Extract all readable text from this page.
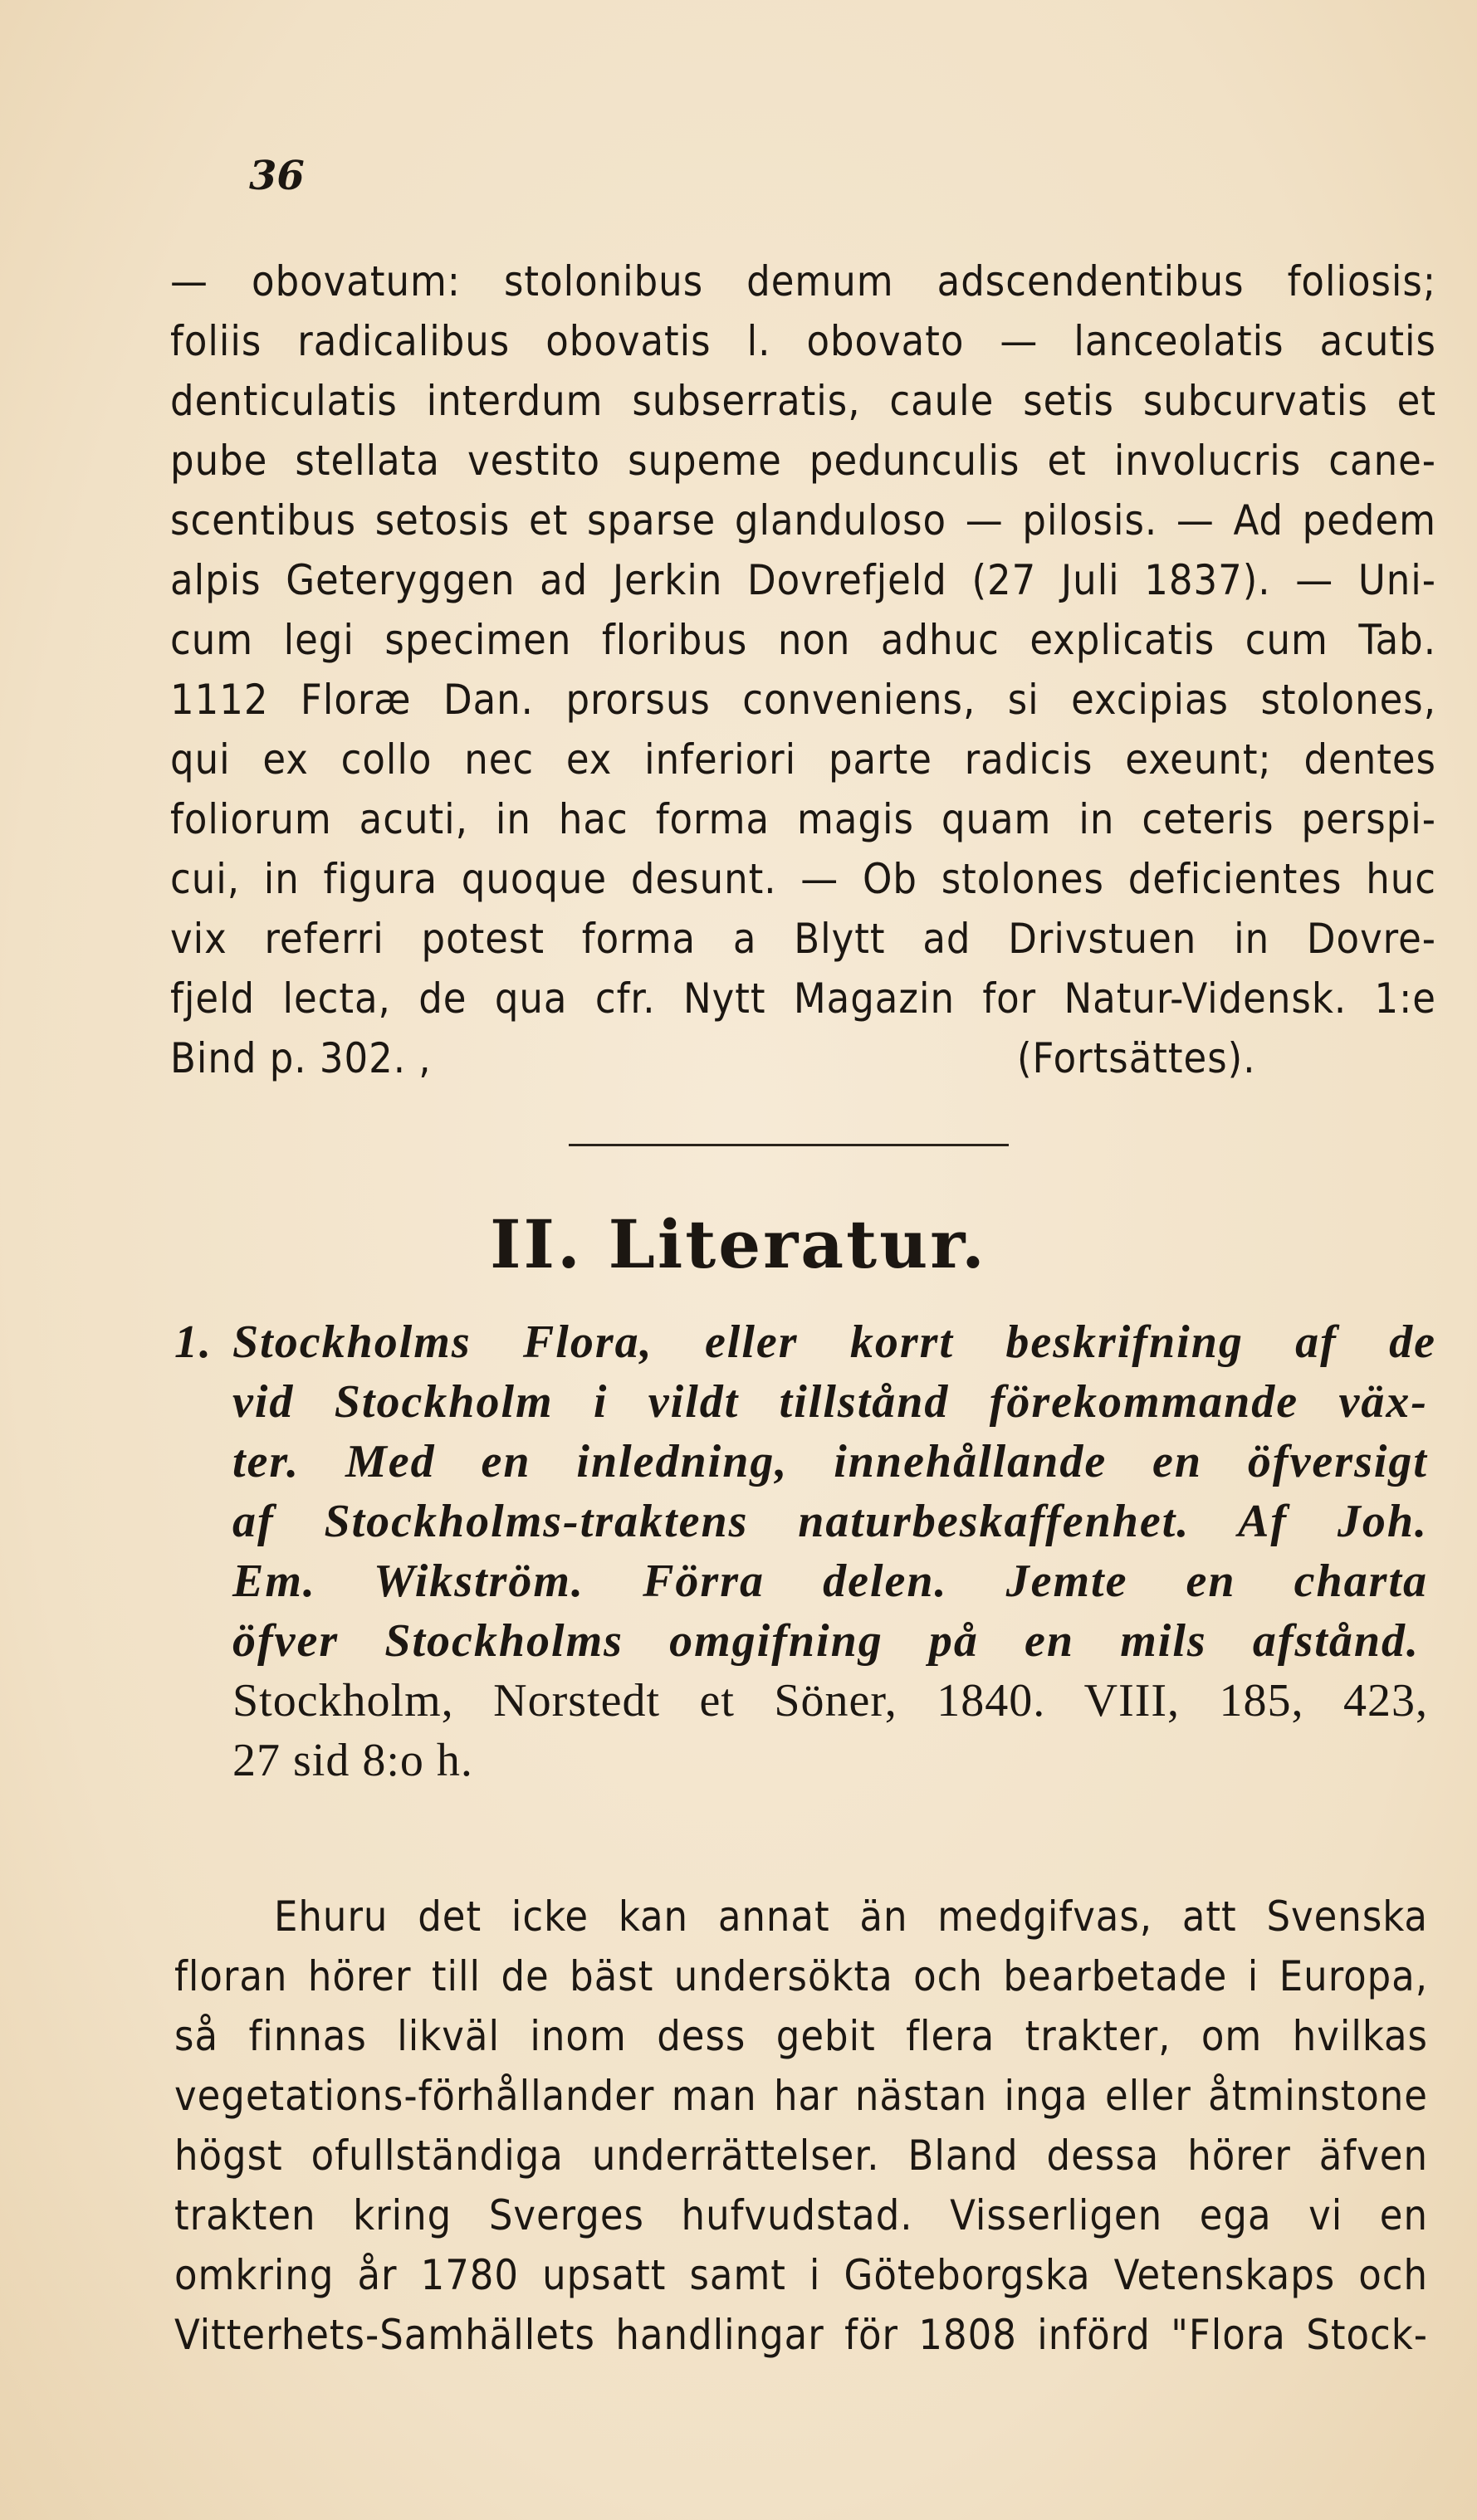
36
— obovatum: stolonibus demum adscendentibus foliosis;
foliis radicalibus obovatis l. obovato — lanceolatis acutis
denticulatis interdum subserratis, caule setis subcurvatis et
pube stellata vestito supeme pedunculis et involucris cane-
scentibus setosis et sparse glanduloso — pilosis. — Ad pedem
alpis Geteryggen ad Jerkin Dovrefjeld (27 Juli 1837). — Uni-
cum legi specimen floribus non adhuc explicatis cum Tab.
1112 Floræ Dan. prorsus conveniens, si excipias stolones,
qui ex collo nec ex inferiori parte radicis exeunt; dentes
foliorum acuti, in hac forma magis quam in ceteris perspi-
cui, in figura quoque desunt. — Ob stolones deficientes huc
vix referri potest forma a Blytt ad Drivstuen in Dovre-
fjeld lecta, de qua cfr. Nytt Magazin for Natur-Vidensk. 1:e
Bind p. 302. ,	(Fortsättes).
II. Literatur.
1. Stockholms Flora, eller korrt beskrifning af de
vid Stockholm i vildt tillstånd förekommande väx-
ter. Med en inledning, innehållande en öfversigt
af Stockholms-traktens naturbeskaffenhet. Af Joh.
Em. Wikström. Förra delen. Jemte en charta
öfver Stockholms omgifning på en mils afstånd.
Stockholm, Norstedt et Söner, 1840. VIII, 185, 423,
27 sid 8:o h.
Ehuru det icke kan annat än medgifvas, att Svenska
floran hörer till de bäst undersökta och bearbetade i Europa,
så finnas likväl inom dess gebit flera trakter, om hvilkas
vegetations-förhållander man har nästan inga eller åtminstone
högst ofullständiga underrättelser. Bland dessa hörer äfven
trakten kring Sverges hufvudstad. Visserligen ega vi en
omkring år 1780 upsatt samt i Göteborgska Vetenskaps och
Vitterhets-Samhällets handlingar för 1808 införd "Flora Stock-
